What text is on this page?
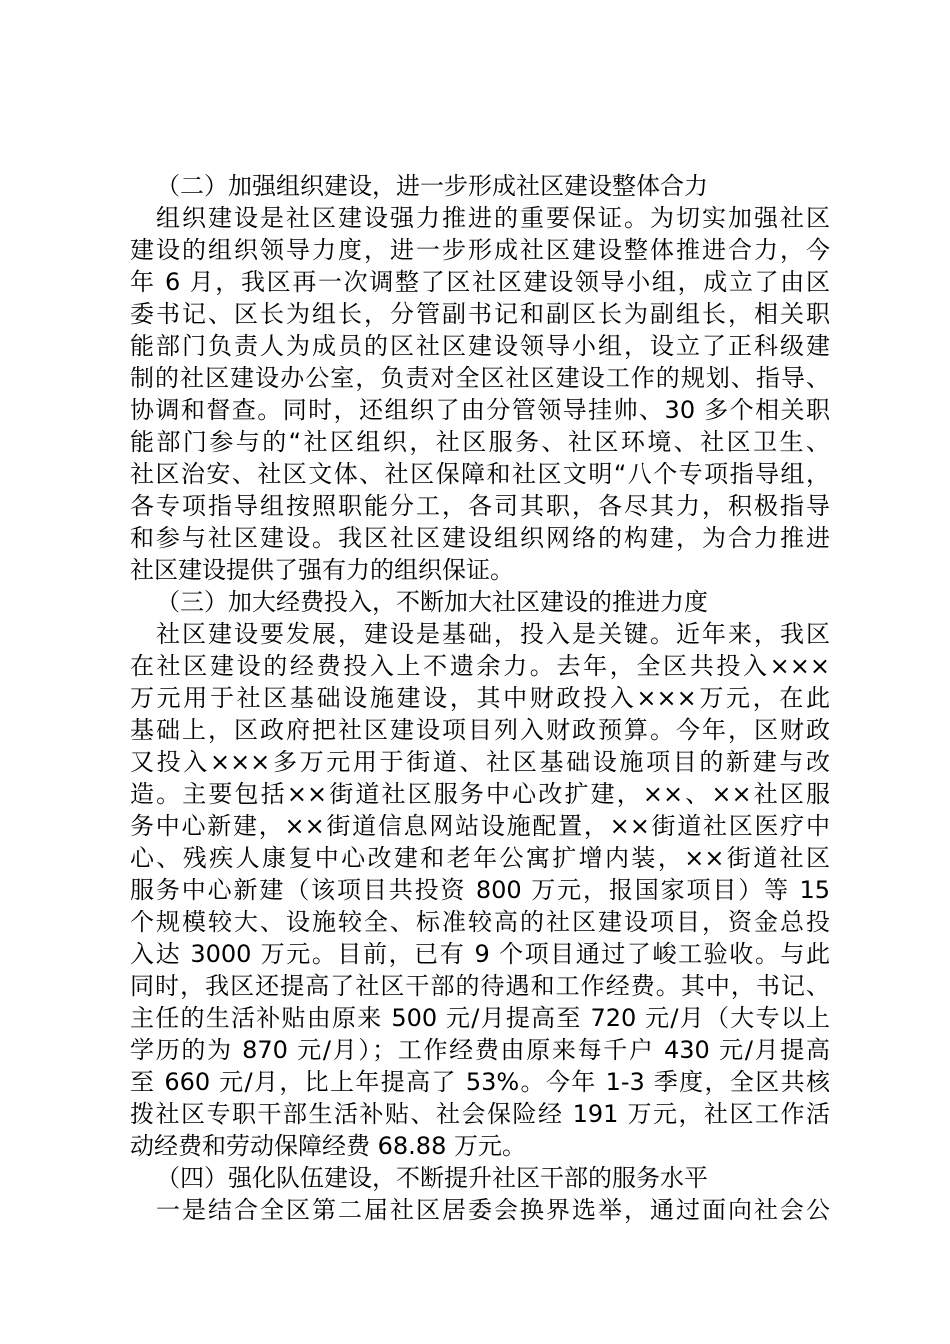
（二）加强组织建设，进一步形成社区建设整体合力
组织建设是社区建设强力推进的重要保证。为切实加强社区
建设的组织领导力度，进一步形成社区建设整体推进合力，今
年 6 月，我区再一次调整了区社区建设领导小组，成立了由区
委书记、区长为组长，分管副书记和副区长为副组长，相关职
能部门负责人为成员的区社区建设领导小组，设立了正科级建
制的社区建设办公室，负责对全区社区建设工作的规划、指导、
协调和督查。同时，还组织了由分管领导挂帅、30 多个相关职
能部门参与的“社区组织，社区服务、社区环境、社区卫生、
社区治安、社区文体、社区保障和社区文明“八个专项指导组，
各专项指导组按照职能分工，各司其职，各尽其力，积极指导
和参与社区建设。我区社区建设组织网络的构建，为合力推进
社区建设提供了强有力的组织保证。
（三）加大经费投入，不断加大社区建设的推进力度
社区建设要发展，建设是基础，投入是关键。近年来，我区
在社区建设的经费投入上不遗余力。去年，全区共投入×××
万元用于社区基础设施建设，其中财政投入×××万元，在此
基础上，区政府把社区建设项目列入财政预算。今年，区财政
又投入×××多万元用于街道、社区基础设施项目的新建与改
造。主要包括××街道社区服务中心改扩建，××、××社区服
务中心新建，××街道信息网站设施配置，××街道社区医疗中
心、残疾人康复中心改建和老年公寓扩增内装，××街道社区
服务中心新建（该项目共投资 800 万元，报国家项目）等 15
个规模较大、设施较全、标准较高的社区建设项目，资金总投
入达 3000 万元。目前，已有 9 个项目通过了峻工验收。与此
同时，我区还提高了社区干部的待遇和工作经费。其中，书记、
主任的生活补贴由原来 500 元/月提高至 720 元/月（大专以上
学历的为 870 元/月）；工作经费由原来每千户 430 元/月提高
至 660 元/月，比上年提高了 53%。今年 1-3 季度，全区共核
拨社区专职干部生活补贴、社会保险经 191 万元，社区工作活
动经费和劳动保障经费 68.88 万元。
（四）强化队伍建设，不断提升社区干部的服务水平
一是结合全区第二届社区居委会换界选举，通过面向社会公
